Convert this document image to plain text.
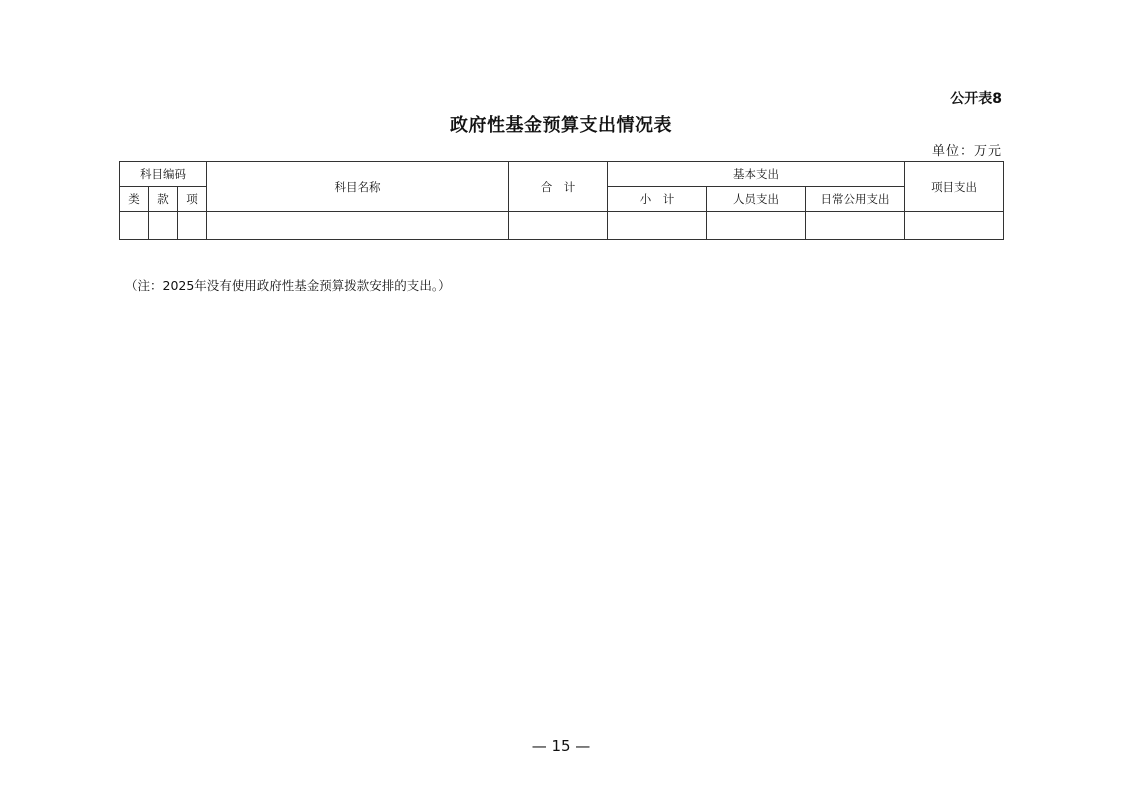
公开表8
政府性基金预算支出情况表
单位：万元
科目编码			科目名称	合　计	基本支出			项目支出
类	款	项			小　计	人员支出	日常公用支出	

（注：2025年没有使用政府性基金预算拨款安排的支出。）
— 15 —
